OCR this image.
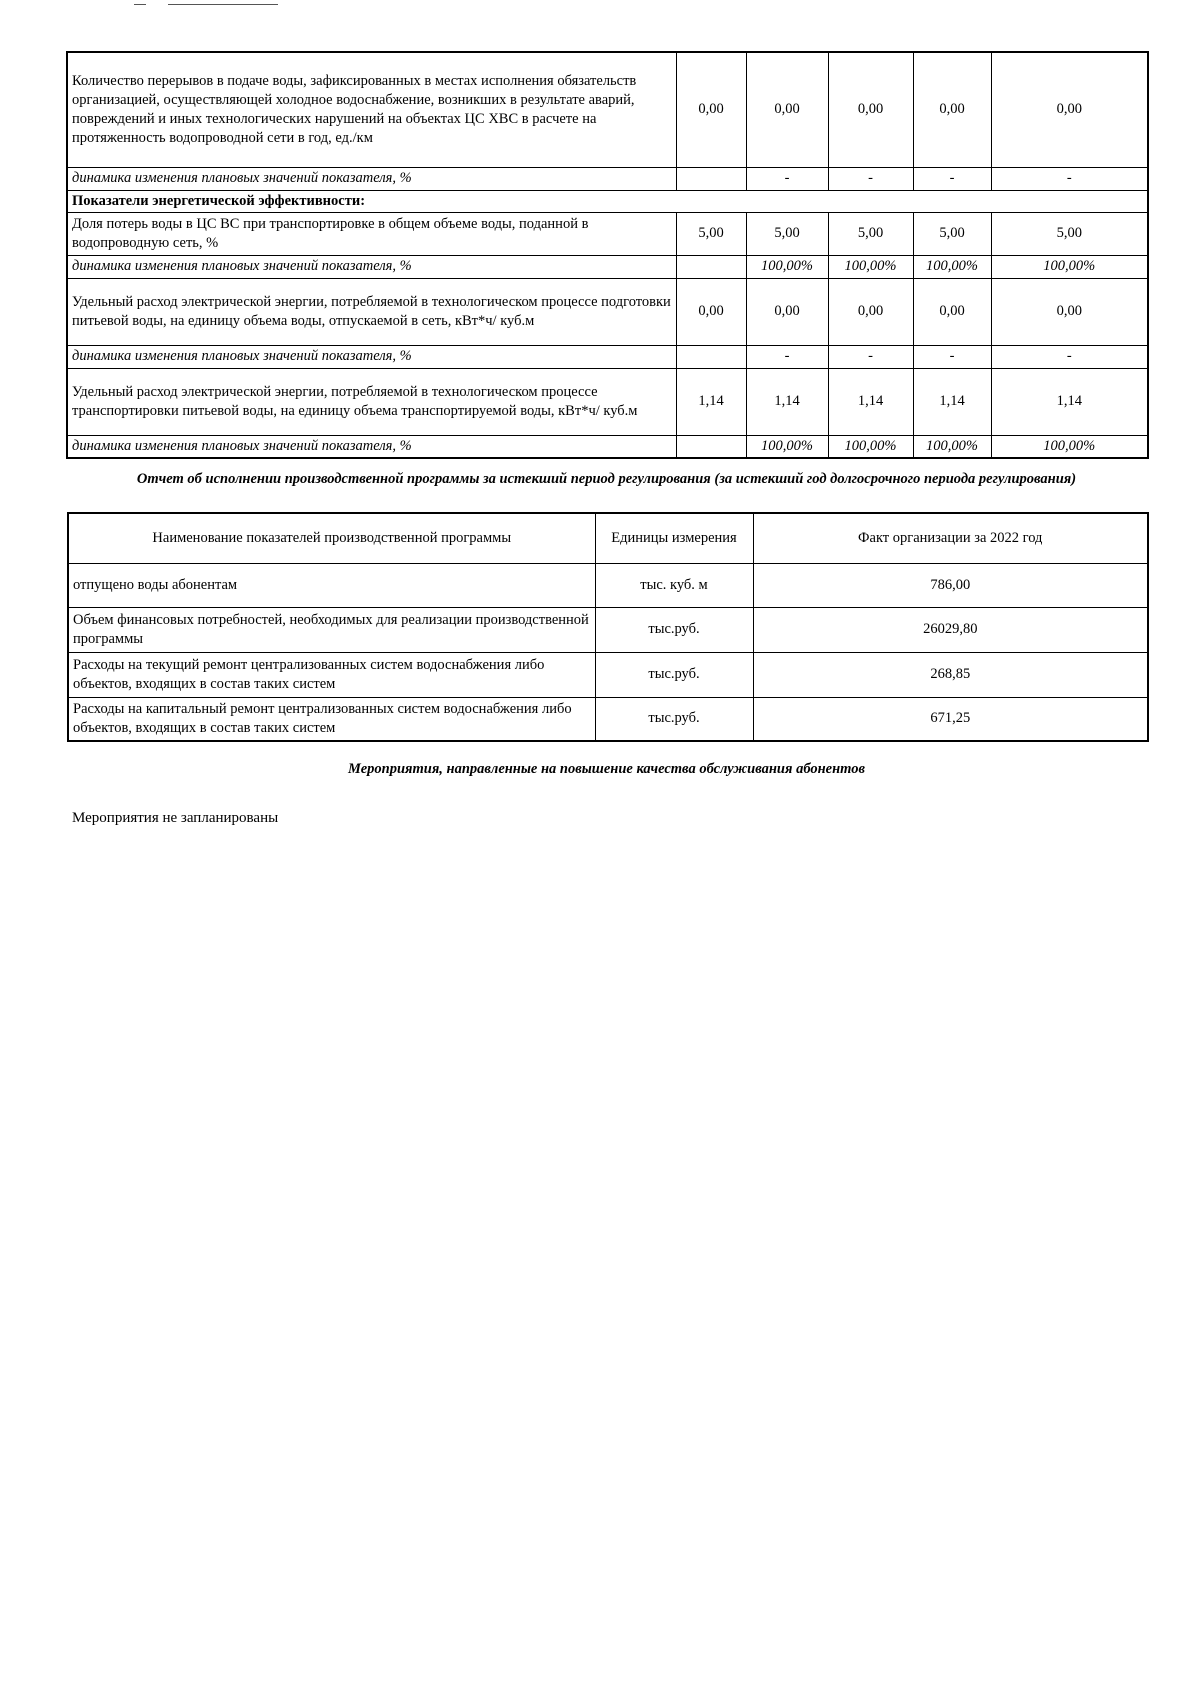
Количество перерывов в подаче воды, зафиксированных в местах исполнения обязательств организацией, осуществляющей холодное водоснабжение, возникших в результате аварий, повреждений и иных технологических нарушений на объектах ЦС ХВС в расчете на протяженность водопроводной сети в год, ед./км	0,00	0,00	0,00	0,00	0,00
динамика изменения плановых значений показателя, %		-	-	-	-
Показатели энергетической эффективности:					
Доля потерь воды в ЦС ВС при транспортировке в общем объеме воды, поданной в водопроводную сеть, %	5,00	5,00	5,00	5,00	5,00
динамика изменения плановых значений показателя, %		100,00%	100,00%	100,00%	100,00%
Удельный расход электрической энергии, потребляемой в технологическом процессе подготовки питьевой воды, на единицу объема воды, отпускаемой в сеть, кВт*ч/ куб.м	0,00	0,00	0,00	0,00	0,00
динамика изменения плановых значений показателя, %		-	-	-	-
Удельный расход электрической энергии, потребляемой в технологическом процессе транспортировки питьевой воды, на единицу объема транспортируемой воды, кВт*ч/ куб.м	1,14	1,14	1,14	1,14	1,14
динамика изменения плановых значений показателя, %		100,00%	100,00%	100,00%	100,00%
Отчет об исполнении производственной программы за истекший период регулирования (за истекший год долгосрочного периода регулирования)
Наименование показателей производственной программы	Единицы измерения	Факт организации за 2022 год
отпущено воды абонентам	тыс. куб. м	786,00
Объем финансовых потребностей, необходимых для реализации производственной программы	тыс.руб.	26029,80
Расходы на текущий ремонт централизованных систем водоснабжения либо объектов, входящих в состав таких систем	тыс.руб.	268,85
Расходы на капитальный ремонт централизованных систем водоснабжения либо объектов, входящих в состав таких систем	тыс.руб.	671,25
Мероприятия, направленные на повышение качества обслуживания абонентов
Мероприятия не запланированы
